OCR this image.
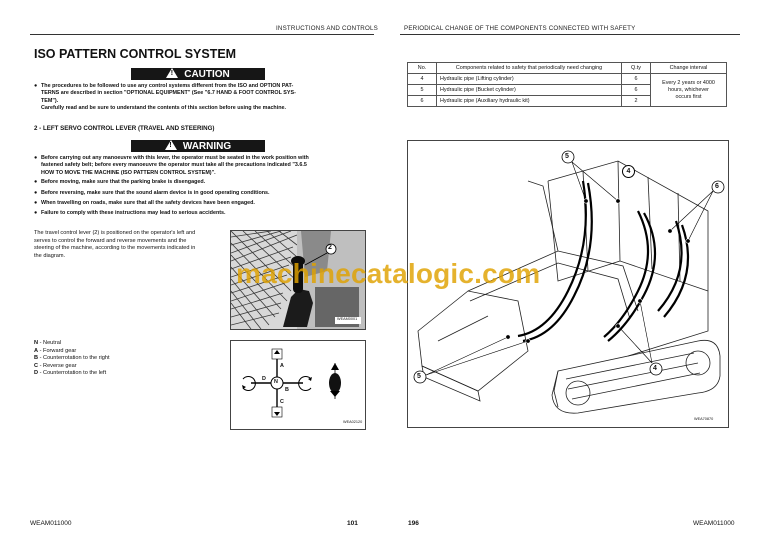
INSTRUCTIONS AND CONTROLS
ISO PATTERN CONTROL SYSTEM
!CAUTION
● The procedures to be followed to use any control systems different from the ISO and OPTION PAT-
TERNS are described in section "OPTIONAL EQUIPMENT" (See "6.7 HAND & FOOT CONTROL SYS-
TEM").
Carefully read and be sure to understand the contents of this section before using the machine.
2 - LEFT SERVO CONTROL LEVER (TRAVEL AND STEERING)
!WARNING
● Before carrying out any manoeuvre with this lever, the operator must be seated in the work position with
fastened safety belt; before every manoeuvre the operator must take all the precautions indicated "3.6.5
HOW TO MOVE THE MACHINE (ISO PATTERN CONTROL SYSTEM)".
● Before moving, make sure that the parking brake is disengaged.
● Before reversing, make sure that the sound alarm device is in good operating conditions.
● When travelling on roads, make sure that all the safety devices have been engaged.
● Failure to comply with these instructions may lead to serious accidents.
The travel control lever (2) is positioned on the operator's left and
serves to control the forward and reverse movements and the
steering of the machine, according to the movements indicated in
the diagram.
2
WEAM0001
N - Neutral
A - Forward gear
B - Counterrotation to the right
C - Reverse gear
D - Counterrotation to the left
N
A
B
C
D
WEA02120
WEAM011000	101
PERIODICAL CHANGE OF THE COMPONENTS CONNECTED WITH SAFETY
No.	Components related to safety that periodically need changing	Q.ty	Change interval
4	Hydraulic pipe (Lifting cylinder)	6	Every 2 years or 4000
hours, whichever
occurs first

5	Hydraulic pipe (Bucket cylinder)	6	
6	Hydraulic pipe (Auxiliary hydraulic kit)	2	
5
6
5
4
WEA70870
4
WEAM011000
196
machinecatalogic.com
